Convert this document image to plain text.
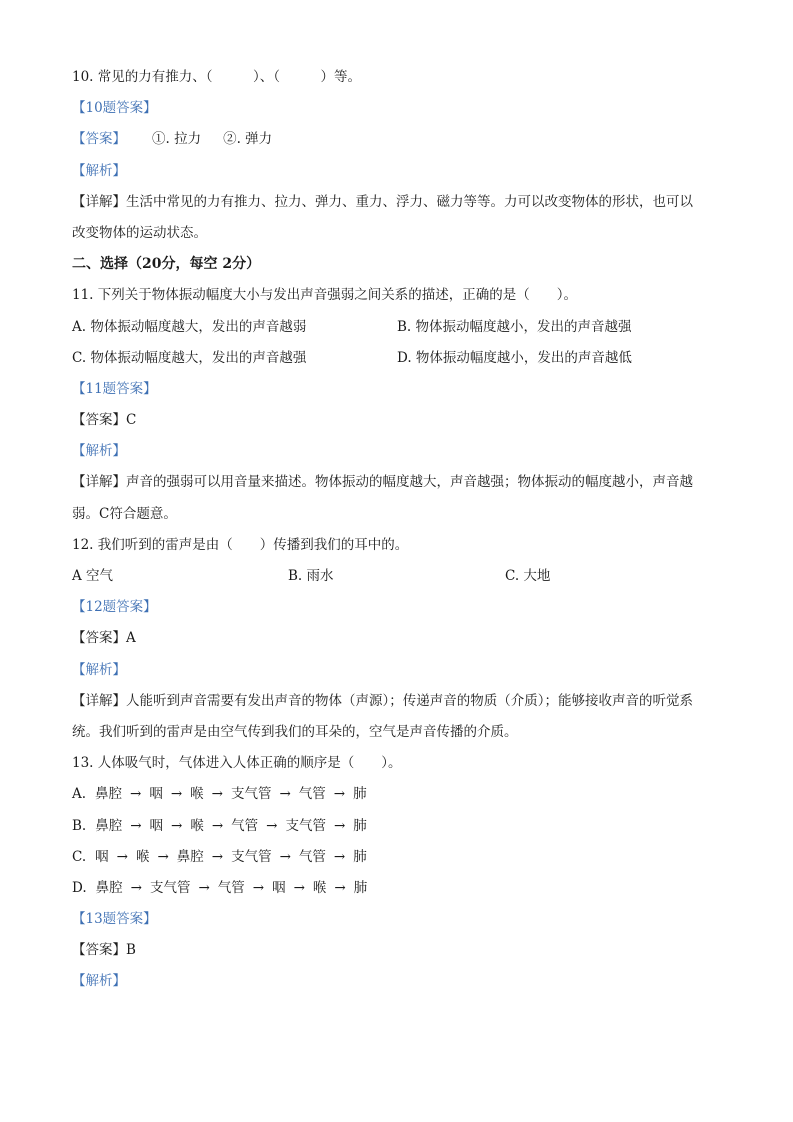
10. 常见的力有推力、（　　　）、（　　　）等。
【10题答案】
【答案】 ①. 拉力 ②. 弹力
【解析】
【详解】生活中常见的力有推力、拉力、弹力、重力、浮力、磁力等等。力可以改变物体的形状，也可以
改变物体的运动状态。
二、选择（20分，每空 2分）
11. 下列关于物体振动幅度大小与发出声音强弱之间关系的描述，正确的是（　　）。
A. 物体振动幅度越大，发出的声音越弱	B. 物体振动幅度越小，发出的声音越强
C. 物体振动幅度越大，发出的声音越强	D. 物体振动幅度越小，发出的声音越低
【11题答案】
【答案】C
【解析】
【详解】声音的强弱可以用音量来描述。物体振动的幅度越大，声音越强；物体振动的幅度越小，声音越
弱。C符合题意。
12. 我们听到的雷声是由（　　）传播到我们的耳中的。
A 空气	B. 雨水	C. 大地
【12题答案】
【答案】A
【解析】
【详解】人能听到声音需要有发出声音的物体（声源）；传递声音的物质（介质）；能够接收声音的听觉系
统。我们听到的雷声是由空气传到我们的耳朵的，空气是声音传播的介质。
13. 人体吸气时，气体进入人体正确的顺序是（　　）。
A. 鼻腔 → 咽 → 喉 → 支气管 → 气管 → 肺
B. 鼻腔 → 咽 → 喉 → 气管 → 支气管 → 肺
C. 咽 → 喉 → 鼻腔 → 支气管 → 气管 → 肺
D. 鼻腔 → 支气管 → 气管 → 咽 → 喉 → 肺
【13题答案】
【答案】B
【解析】
